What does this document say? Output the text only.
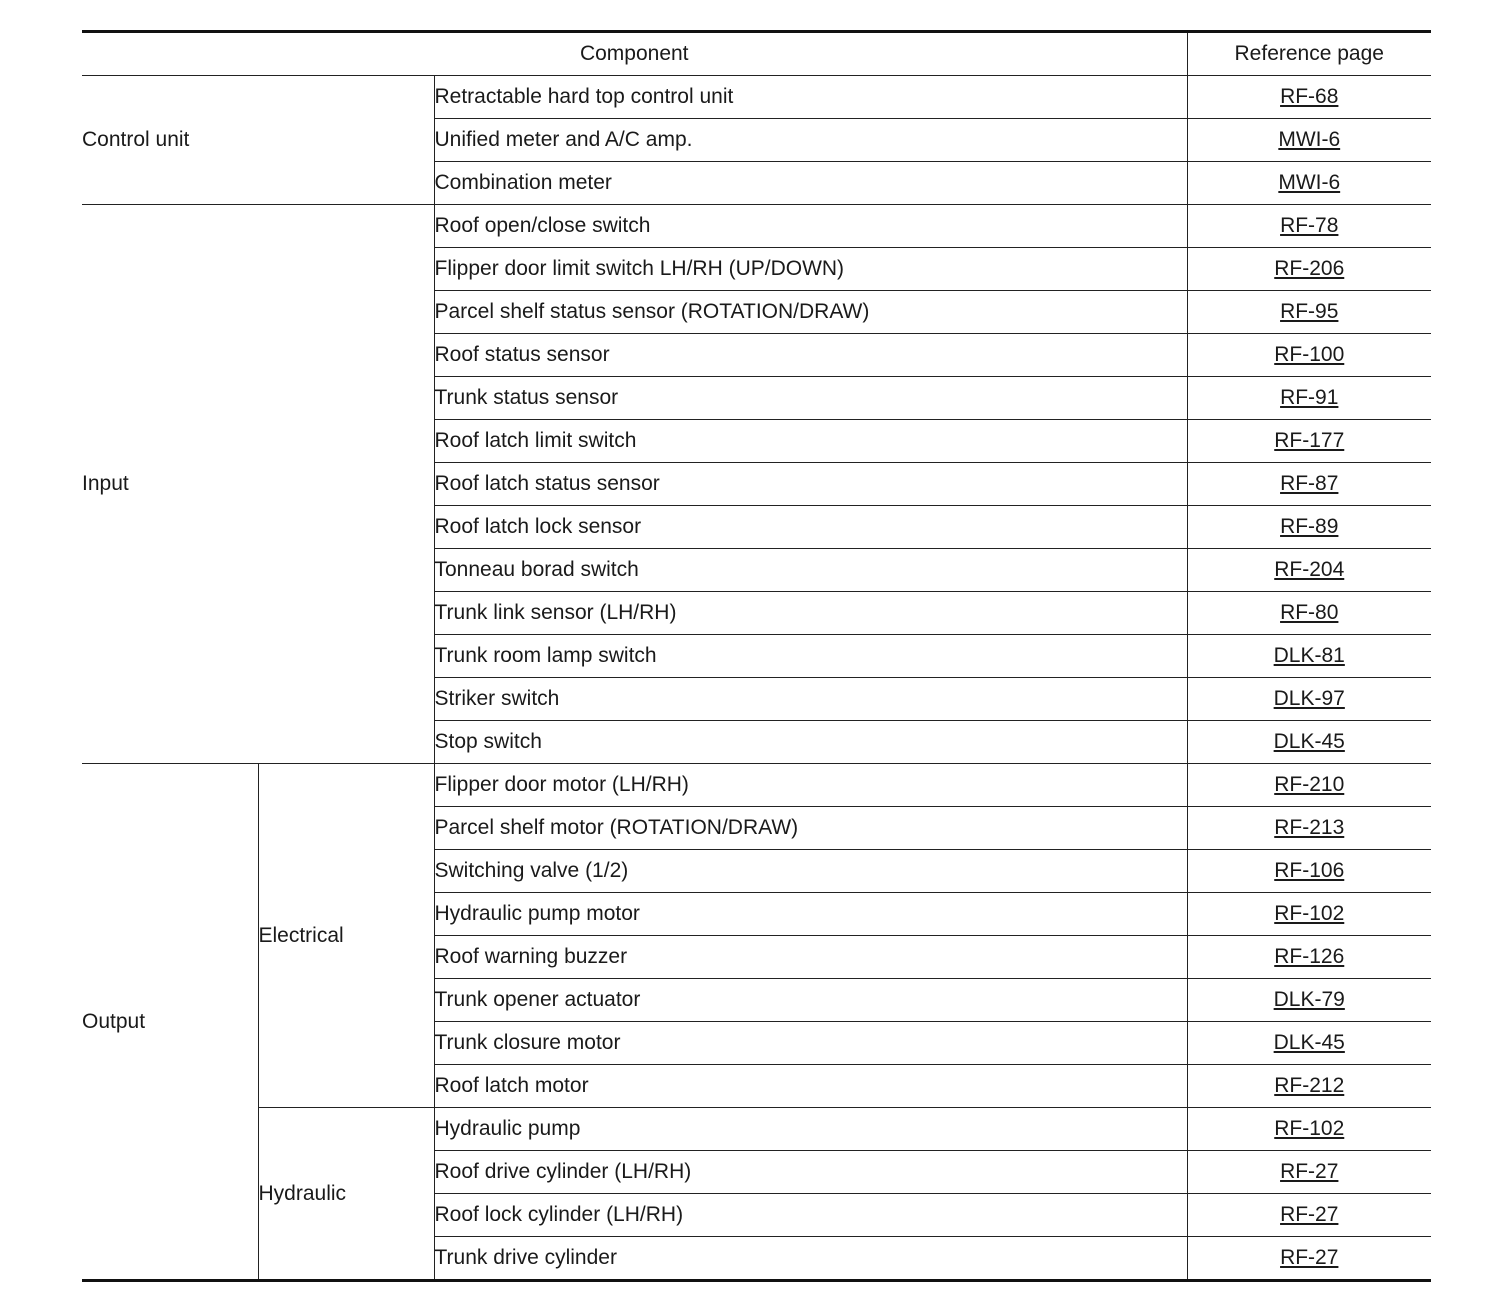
Component			Reference page
Control unit		Retractable hard top control unit	RF-68
		Unified meter and A/C amp.	MWI-6
		Combination meter	MWI-6
Input		Roof open/close switch	RF-78
		Flipper door limit switch LH/RH (UP/DOWN)	RF-206
		Parcel shelf status sensor (ROTATION/DRAW)	RF-95
		Roof status sensor	RF-100
		Trunk status sensor	RF-91
		Roof latch limit switch	RF-177
		Roof latch status sensor	RF-87
		Roof latch lock sensor	RF-89
		Tonneau borad switch	RF-204
		Trunk link sensor (LH/RH)	RF-80
		Trunk room lamp switch	DLK-81
		Striker switch	DLK-97
		Stop switch	DLK-45
Output	Electrical	Flipper door motor (LH/RH)	RF-210
		Parcel shelf motor (ROTATION/DRAW)	RF-213
		Switching valve (1/2)	RF-106
		Hydraulic pump motor	RF-102
		Roof warning buzzer	RF-126
		Trunk opener actuator	DLK-79
		Trunk closure motor	DLK-45
		Roof latch motor	RF-212
	Hydraulic	Hydraulic pump	RF-102
		Roof drive cylinder (LH/RH)	RF-27
		Roof lock cylinder (LH/RH)	RF-27
		Trunk drive cylinder	RF-27
